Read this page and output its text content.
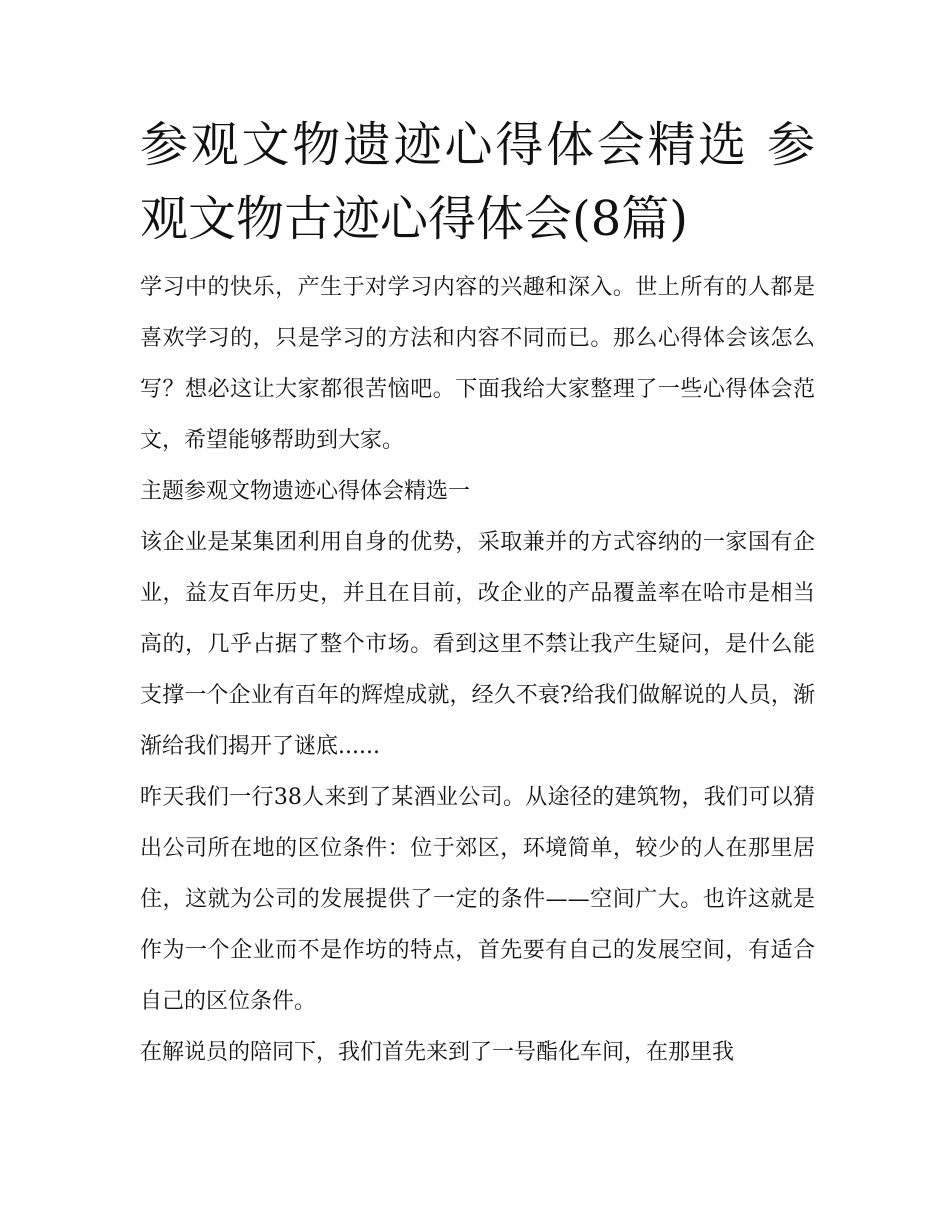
参观文物遗迹心得体会精选 参观文物古迹心得体会(8篇)

学习中的快乐，产生于对学习内容的兴趣和深入。世上所有的人都是喜欢学习的，只是学习的方法和内容不同而已。那么心得体会该怎么写？想必这让大家都很苦恼吧。下面我给大家整理了一些心得体会范文，希望能够帮助到大家。

主题参观文物遗迹心得体会精选一

该企业是某集团利用自身的优势，采取兼并的方式容纳的一家国有企业，益友百年历史，并且在目前，改企业的产品覆盖率在哈市是相当高的，几乎占据了整个市场。看到这里不禁让我产生疑问，是什么能支撑一个企业有百年的辉煌成就，经久不衰?给我们做解说的人员，渐渐给我们揭开了谜底......

昨天我们一行38人来到了某酒业公司。从途径的建筑物，我们可以猜出公司所在地的区位条件：位于郊区，环境简单，较少的人在那里居住，这就为公司的发展提供了一定的条件——空间广大。也许这就是作为一个企业而不是作坊的特点，首先要有自己的发展空间，有适合自己的区位条件。

在解说员的陪同下，我们首先来到了一号酯化车间，在那里我
